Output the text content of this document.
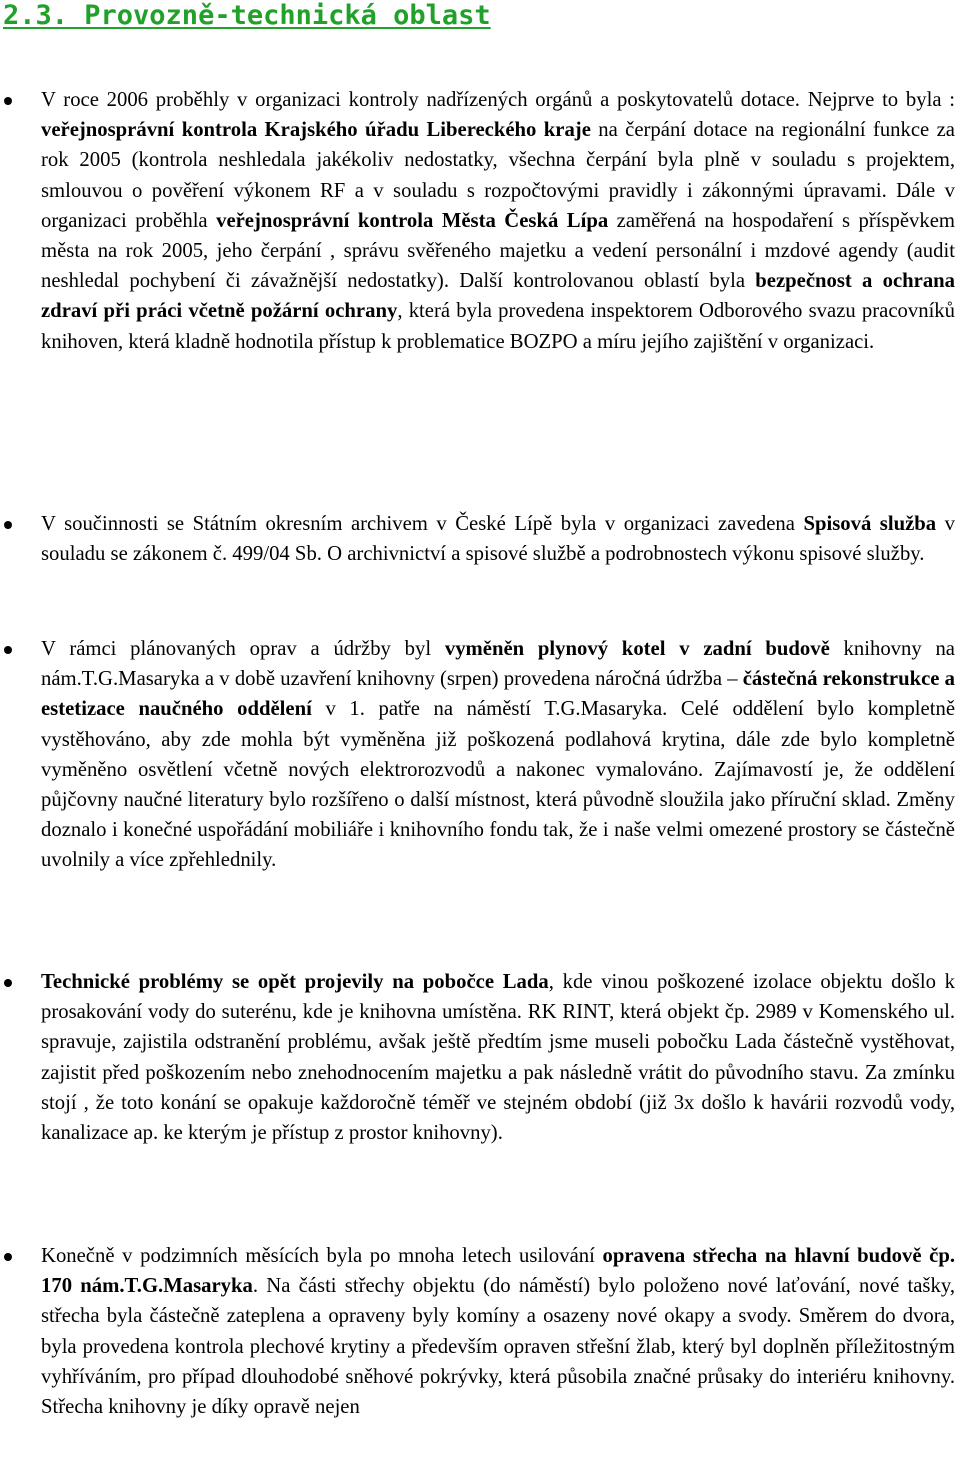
2.3. Provozně-technická oblast

V roce 2006 proběhly v organizaci kontroly nadřízených orgánů a poskytovatelů dotace. Nejprve to byla : veřejnosprávní kontrola Krajského úřadu Libereckého kraje na čerpání dotace na regionální funkce za rok 2005 (kontrola neshledala jakékoliv nedostatky, všechna čerpání byla plně v souladu s projektem, smlouvou o pověření výkonem RF a v souladu s rozpočtovými pravidly i zákonnými úpravami. Dále v organizaci proběhla veřejnosprávní kontrola Města Česká Lípa zaměřená na hospodaření s příspěvkem města na rok 2005, jeho čerpání , správu svěřeného majetku a vedení personální i mzdové agendy (audit neshledal pochybení či závažnější nedostatky). Další kontrolovanou oblastí byla bezpečnost a ochrana zdraví při práci včetně požární ochrany, která byla provedena inspektorem Odborového svazu pracovníků knihoven, která kladně hodnotila přístup k problematice BOZPO a míru jejího zajištění v organizaci.

V součinnosti se Státním okresním archivem v České Lípě byla v organizaci zavedena Spisová služba v souladu se zákonem č. 499/04 Sb. O archivnictví a spisové službě a podrobnostech výkonu spisové služby.

V rámci plánovaných oprav a údržby byl vyměněn plynový kotel v zadní budově knihovny na nám.T.G.Masaryka a v době uzavření knihovny (srpen) provedena náročná údržba – částečná rekonstrukce a estetizace naučného oddělení v 1. patře na náměstí T.G.Masaryka. Celé oddělení bylo kompletně vystěhováno, aby zde mohla být vyměněna již poškozená podlahová krytina, dále zde bylo kompletně vyměněno osvětlení včetně nových elektrorozvodů a nakonec vymalováno. Zajímavostí je, že oddělení půjčovny naučné literatury bylo rozšířeno o další místnost, která původně sloužila jako příruční sklad. Změny doznalo i konečné uspořádání mobiliáře i knihovního fondu tak, že i naše velmi omezené prostory se částečně uvolnily a více zpřehlednily.

Technické problémy se opět projevily na pobočce Lada, kde vinou poškozené izolace objektu došlo k prosakování vody do suterénu, kde je knihovna umístěna. RK RINT, která objekt čp. 2989 v Komenského ul. spravuje, zajistila odstranění problému, avšak ještě předtím jsme museli pobočku Lada částečně vystěhovat, zajistit před poškozením nebo znehodnocením majetku a pak následně vrátit do původního stavu. Za zmínku stojí , že toto konání se opakuje každoročně téměř ve stejném období (již 3x došlo k havárii rozvodů vody, kanalizace ap. ke kterým je přístup z prostor knihovny).

Konečně v podzimních měsících byla po mnoha letech usilování opravena střecha na hlavní budově čp. 170 nám.T.G.Masaryka. Na části střechy objektu (do náměstí) bylo položeno nové laťování, nové tašky, střecha byla částečně zateplena a opraveny byly komíny a osazeny nové okapy a svody. Směrem do dvora, byla provedena kontrola plechové krytiny a především opraven střešní žlab, který byl doplněn příležitostným vyhříváním, pro případ dlouhodobé sněhové pokrývky, která působila značné průsaky do interiéru knihovny. Střecha knihovny je díky opravě nejen
